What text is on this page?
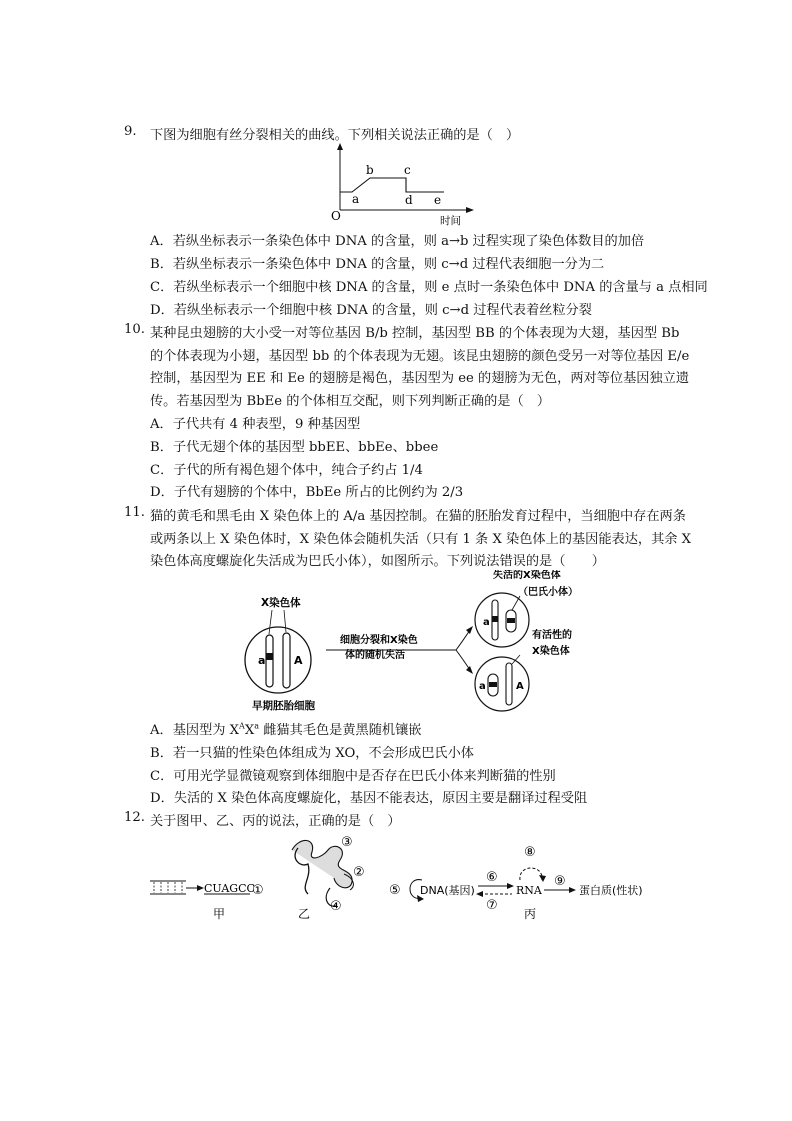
9. 下图为细胞有丝分裂相关的曲线。下列相关说法正确的是（　）
a
b	c
d e
O	时间
A．若纵坐标表示一条染色体中 DNA 的含量，则 a→b 过程实现了染色体数目的加倍
B．若纵坐标表示一条染色体中 DNA 的含量，则 c→d 过程代表细胞一分为二
C．若纵坐标表示一个细胞中核 DNA 的含量，则 e 点时一条染色体中 DNA 的含量与 a 点相同
D．若纵坐标表示一个细胞中核 DNA 的含量，则 c→d 过程代表着丝粒分裂
10. 某种昆虫翅膀的大小受一对等位基因 B/b 控制，基因型 BB 的个体表现为大翅，基因型 Bb
的个体表现为小翅，基因型 bb 的个体表现为无翅。该昆虫翅膀的颜色受另一对等位基因 E/e
控制，基因型为 EE 和 Ee 的翅膀是褐色，基因型为 ee 的翅膀为无色，两对等位基因独立遗
传。若基因型为 BbEe 的个体相互交配，则下列判断正确的是（　）
A．子代共有 4 种表型，9 种基因型
B．子代无翅个体的基因型 bbEE、bbEe、bbee
C．子代的所有褐色翅个体中，纯合子约占 1/4
D．子代有翅膀的个体中，BbEe 所占的比例约为 2/3
11. 猫的黄毛和黑毛由 X 染色体上的 A/a 基因控制。在猫的胚胎发育过程中，当细胞中存在两条
或两条以上 X 染色体时，X 染色体会随机失活（只有 1 条 X 染色体上的基因能表达，其余 X
染色体高度螺旋化失活成为巴氏小体），如图所示。下列说法错误的是（　　）
X染色体
a	A
早期胚胎细胞
细胞分裂和X染色
体的随机失活
a
失活的X染色体
（巴氏小体）
a	A
有活性的
X染色体
A．基因型为 $X^AX^a$ 雌猫其毛色是黄黑随机镶嵌
B．若一只猫的性染色体组成为 XO，不会形成巴氏小体
C．可用光学显微镜观察到体细胞中是否存在巴氏小体来判断猫的性别
D．失活的 X 染色体高度螺旋化，基因不能表达，原因主要是翻译过程受阻
12. 关于图甲、乙、丙的说法，正确的是（　）
CUAGCC
①
甲
③
②
④
乙
⑤ DNA(基因)
⑥
⑦
RNA
⑧
⑨
蛋白质(性状)
丙
